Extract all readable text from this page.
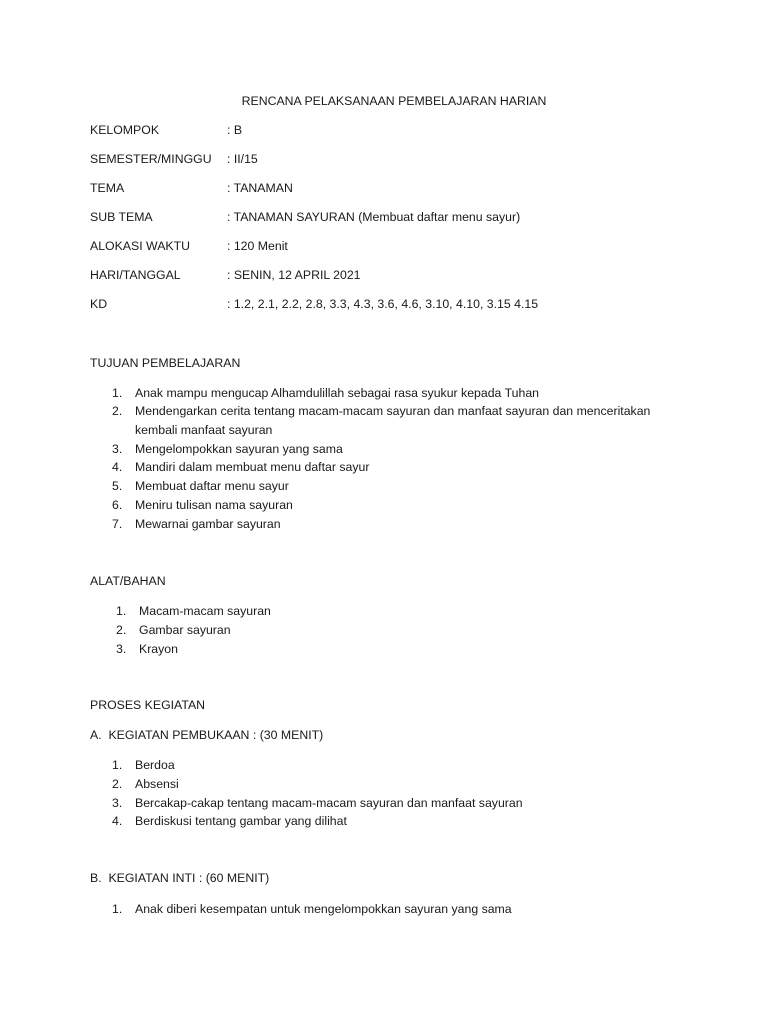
RENCANA PELAKSANAAN PEMBELAJARAN HARIAN
KELOMPOK	: B
SEMESTER/MINGGU : II/15
TEMA	: TANAMAN
SUB TEMA	: TANAMAN SAYURAN (Membuat daftar menu sayur)
ALOKASI WAKTU	: 120 Menit
HARI/TANGGAL	: SENIN, 12 APRIL 2021
KD	: 1.2, 2.1, 2.2, 2.8, 3.3, 4.3, 3.6, 4.6, 3.10, 4.10, 3.15 4.15
TUJUAN PEMBELAJARAN
1. Anak mampu mengucap Alhamdulillah sebagai rasa syukur kepada Tuhan
2. Mendengarkan cerita tentang macam-macam sayuran dan manfaat sayuran dan menceritakan kembali manfaat sayuran
3. Mengelompokkan sayuran yang sama
4. Mandiri dalam membuat menu daftar sayur
5. Membuat daftar menu sayur
6. Meniru tulisan nama sayuran
7. Mewarnai gambar sayuran
ALAT/BAHAN
1. Macam-macam sayuran
2. Gambar sayuran
3. Krayon
PROSES KEGIATAN
A.  KEGIATAN PEMBUKAAN : (30 MENIT)
1. Berdoa
2. Absensi
3. Bercakap-cakap tentang macam-macam sayuran dan manfaat sayuran
4. Berdiskusi tentang gambar yang dilihat
B.  KEGIATAN INTI : (60 MENIT)
1. Anak diberi kesempatan untuk mengelompokkan sayuran yang sama
